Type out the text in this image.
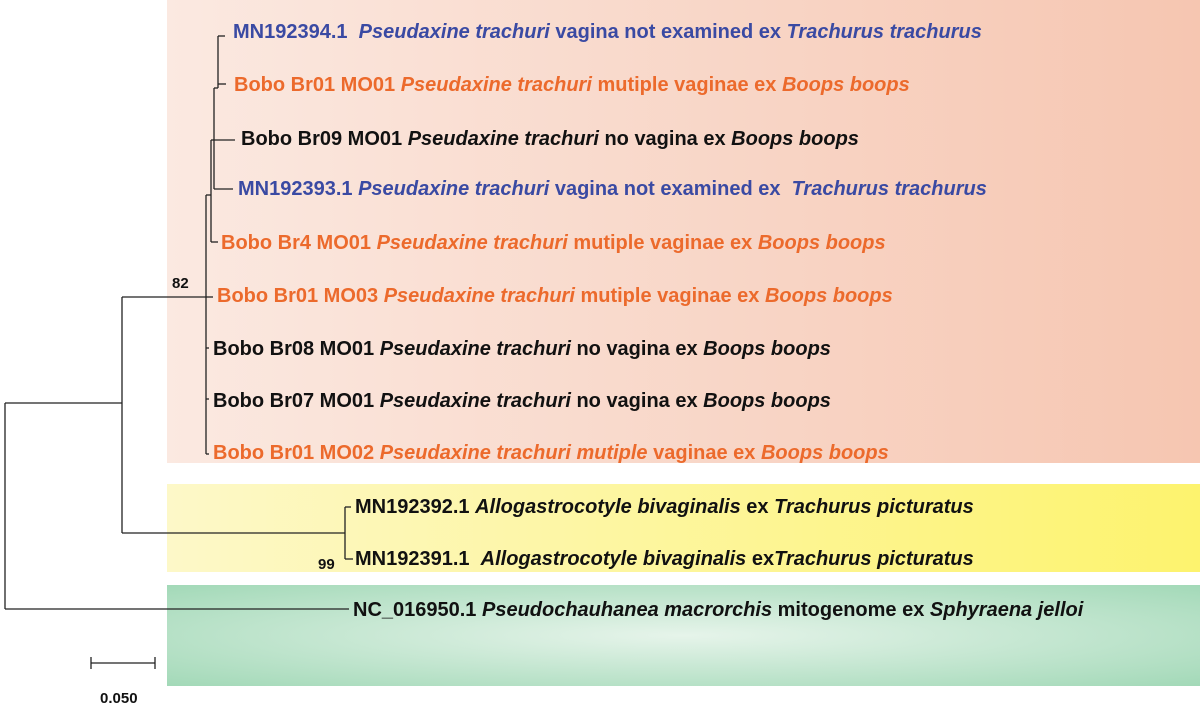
82
99
MN192394.1  Pseudaxine trachuri vagina not examined ex Trachurus trachurus
Bobo Br01 MO01 Pseudaxine trachuri mutiple vaginae ex Boops boops
Bobo Br09 MO01 Pseudaxine trachuri no vagina ex Boops boops
MN192393.1 Pseudaxine trachuri vagina not examined ex  Trachurus trachurus
Bobo Br4 MO01 Pseudaxine trachuri mutiple vaginae ex Boops boops
Bobo Br01 MO03 Pseudaxine trachuri mutiple vaginae ex Boops boops
Bobo Br08 MO01 Pseudaxine trachuri no vagina ex Boops boops
Bobo Br07 MO01 Pseudaxine trachuri no vagina ex Boops boops
Bobo Br01 MO02 Pseudaxine trachuri mutiple vaginae ex Boops boops
MN192392.1 Allogastrocotyle bivaginalis ex Trachurus picturatus
MN192391.1  Allogastrocotyle bivaginalis exTrachurus picturatus
NC_016950.1 Pseudochauhanea macrorchis mitogenome ex Sphyraena jelloi
0.050
